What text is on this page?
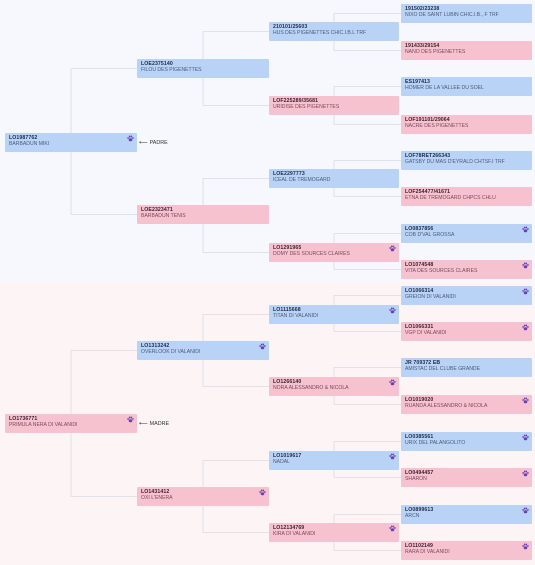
LO1987762
BARBADUN MIKI
LO1736771
PRIMULA NERA DI VALANIDI
LOE2375140
FILOU DES PIGENETTES
LOE2323471
BARBADUN TENIS
LO1313242
OVERLOOK DI VALANIDI
LO1431412
OXI L'ENERA
210101/25603
HUS DES PIGENETTES CHIC.I.B.L TRF
LOF225289/35681
URIDISE DES PIGENETTES
LOE2297773
ICEAL DE TREMOGARD
LO1291965
DOMY DES SOURCES CLAIRES
LO1115668
TITAN DI VALANIDI
LO1266140
NORA ALESSANDRO & NICOLA
LO1019617
NADAL
LO12134769
KIRA DI VALANIDI
191502/23238
NIXO DE SAINT LUBIN CHIC.I.B., F TRF
191433/29154
NANO DES PIGENETTES
ES197413
HOMER DE LA VALLEE DU SOEL
LOF191101/29064
NACRE DES PIGENETTES
LOF78RET266343
GATSBY DU MAS D'EYRALD CHTSF.I TRF
LOF254477/41671
ETNA DE TREMOGARD CHPCS CHLU
LO0837856
COB D'VAL GROSSA
LO1074548
VITA DES SOURCES CLAIRES
LO1066314
GREION DI VALANIDI
LO1066331
VGP DI VALANIDI
JR 709372 EB
AMISTAC DEL CLUBE GRANDE
LO1019020
RUANDA ALESSANDRO & NICOLA
LO0385561
URIX DEL PALANGOLITO
LO0494457
SHARON
LO0899613
ARCN
LO1102149
RARA DI VALANIDI
⟵ PADRE
⟵ MADRE
